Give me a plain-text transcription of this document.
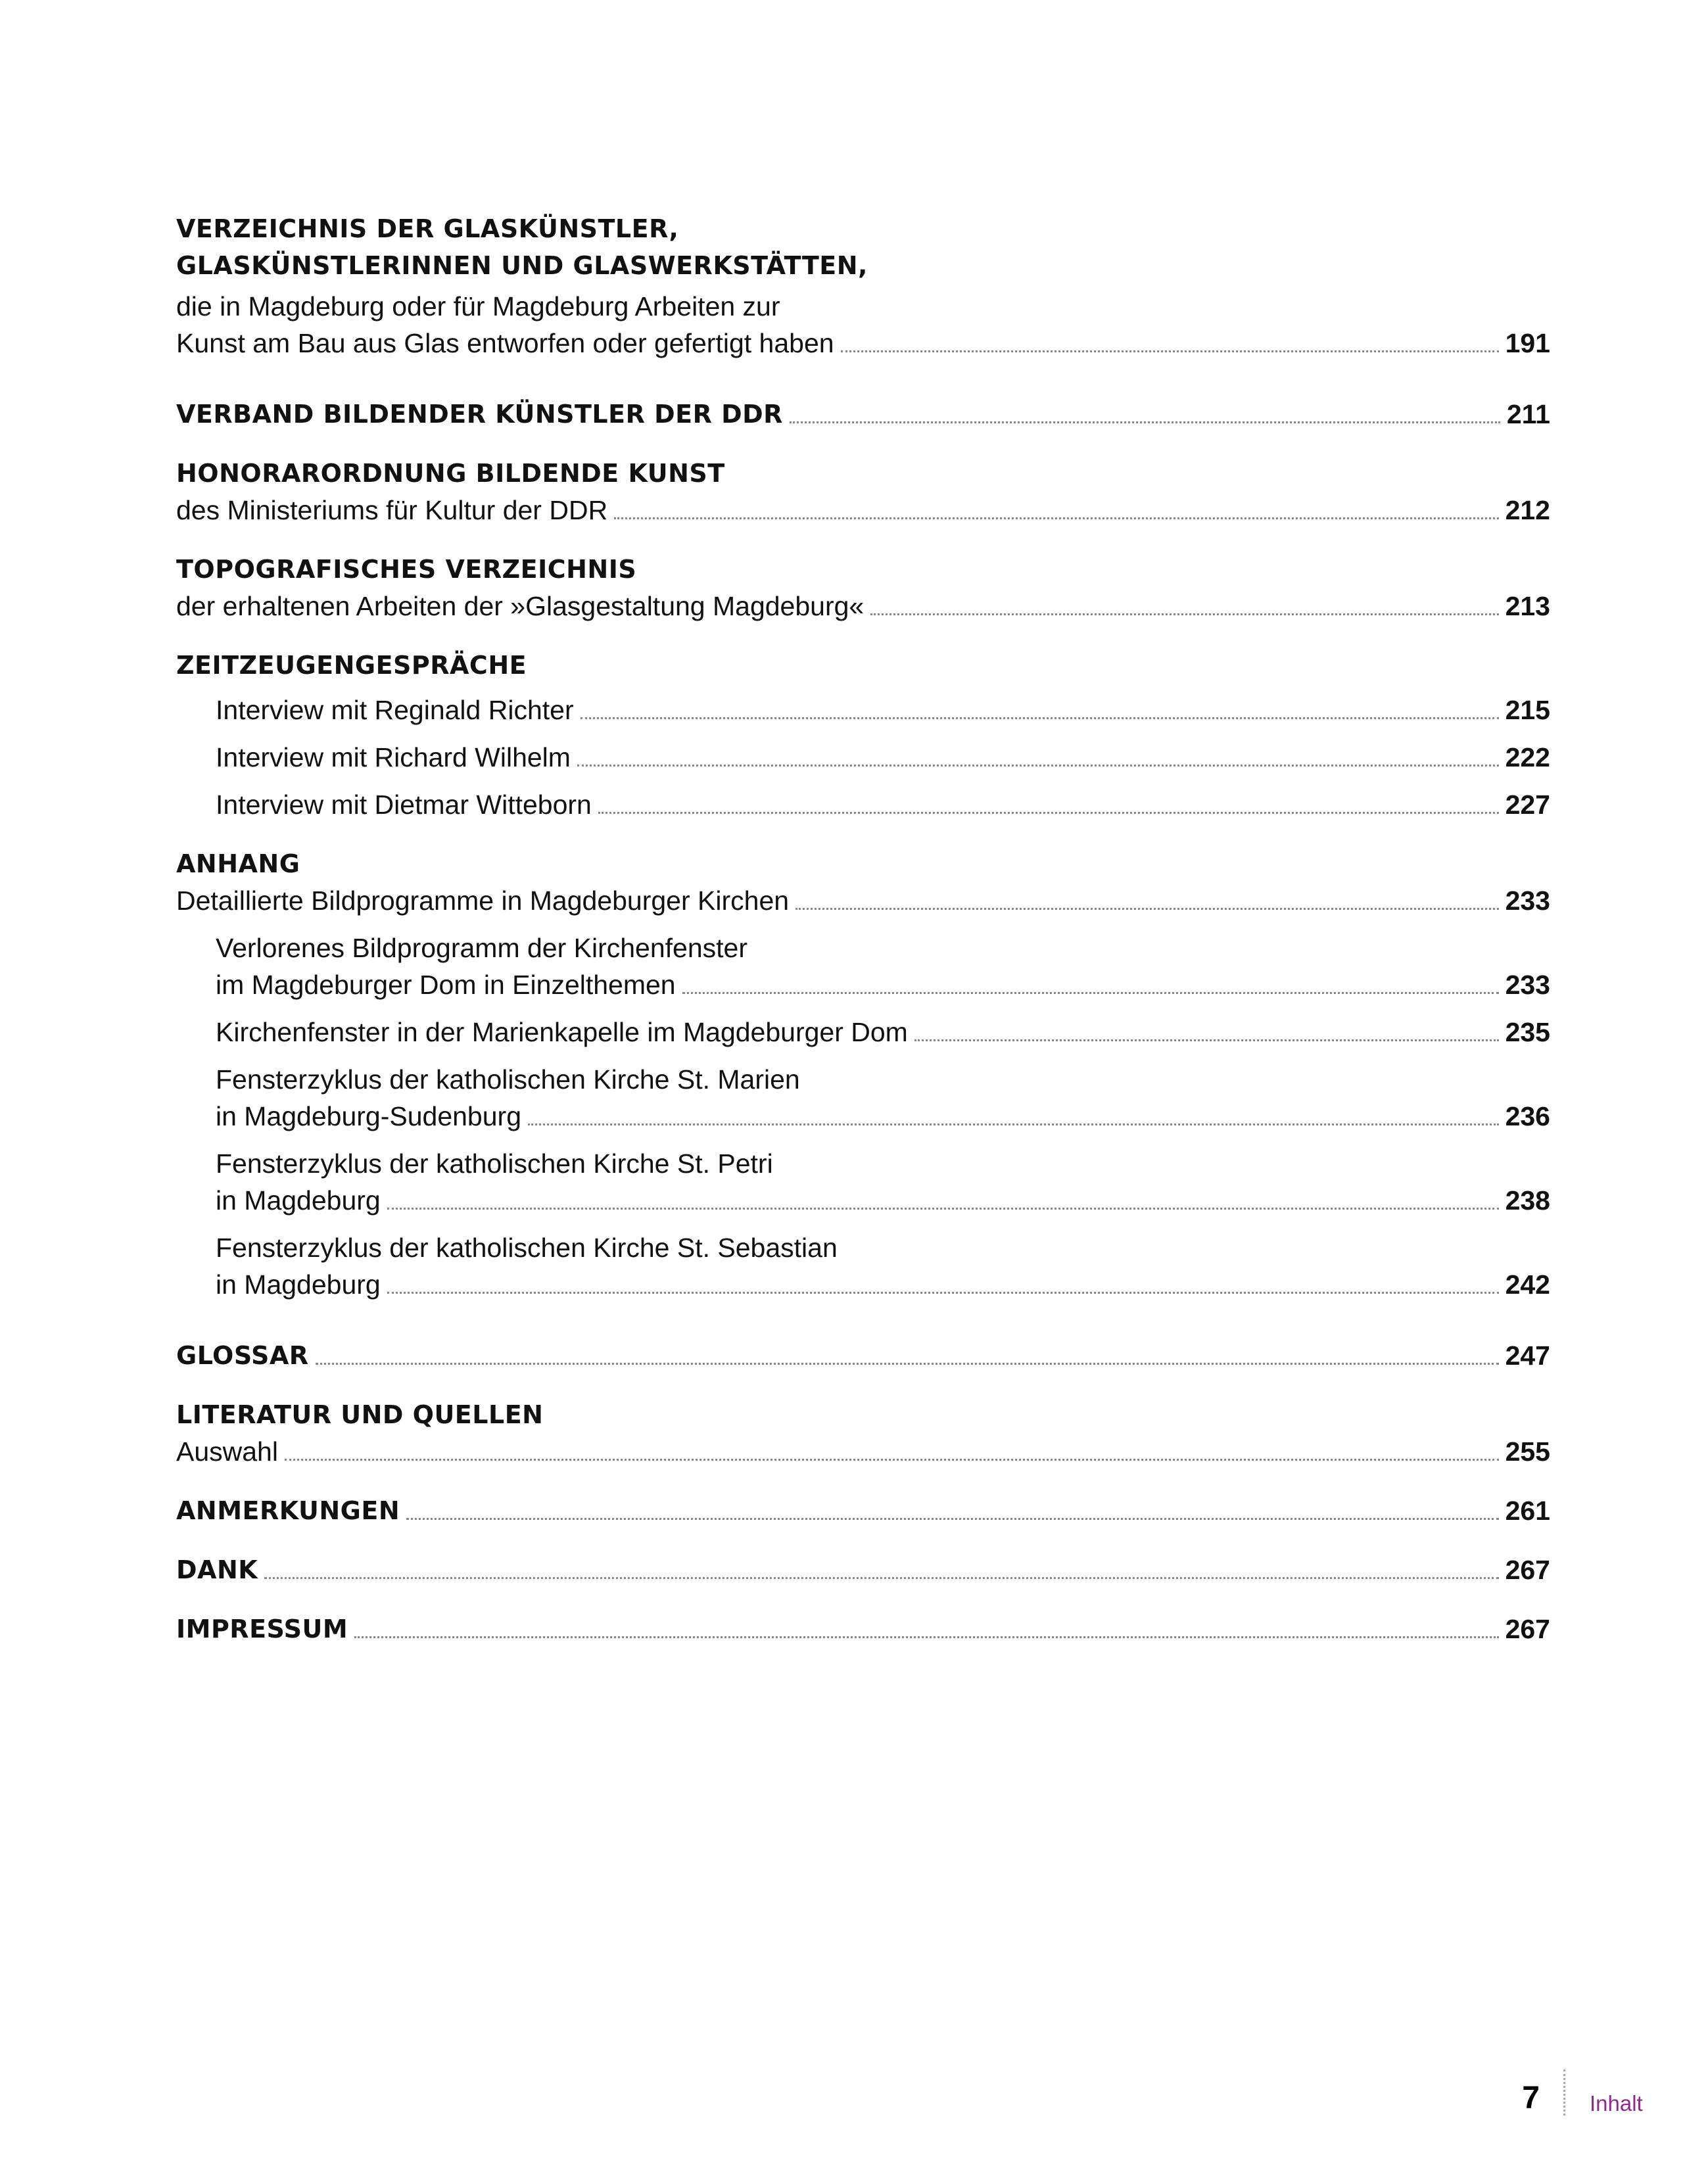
VERZEICHNIS DER GLASKÜNSTLER,
GLASKÜNSTLERINNEN UND GLASWERKSTÄTTEN,
die in Magdeburg oder für Magdeburg Arbeiten zur
Kunst am Bau aus Glas entworfen oder gefertigt haben	191
VERBAND BILDENDER KÜNSTLER DER DDR	211
HONORARORDNUNG BILDENDE KUNST
des Ministeriums für Kultur der DDR	212
TOPOGRAFISCHES VERZEICHNIS
der erhaltenen Arbeiten der »Glasgestaltung Magdeburg«	213
ZEITZEUGENGESPRÄCHE
Interview mit Reginald Richter	215
Interview mit Richard Wilhelm	222
Interview mit Dietmar Witteborn	227
ANHANG
Detaillierte Bildprogramme in Magdeburger Kirchen	233
Verlorenes Bildprogramm der Kirchenfenster
im Magdeburger Dom in Einzelthemen	233
Kirchenfenster in der Marienkapelle im Magdeburger Dom	235
Fensterzyklus der katholischen Kirche St. Marien
in Magdeburg-Sudenburg	236
Fensterzyklus der katholischen Kirche St. Petri
in Magdeburg	238
Fensterzyklus der katholischen Kirche St. Sebastian
in Magdeburg	242
GLOSSAR	247
LITERATUR UND QUELLEN
Auswahl	255
ANMERKUNGEN	261
DANK	267
IMPRESSUM	267
7 Inhalt
